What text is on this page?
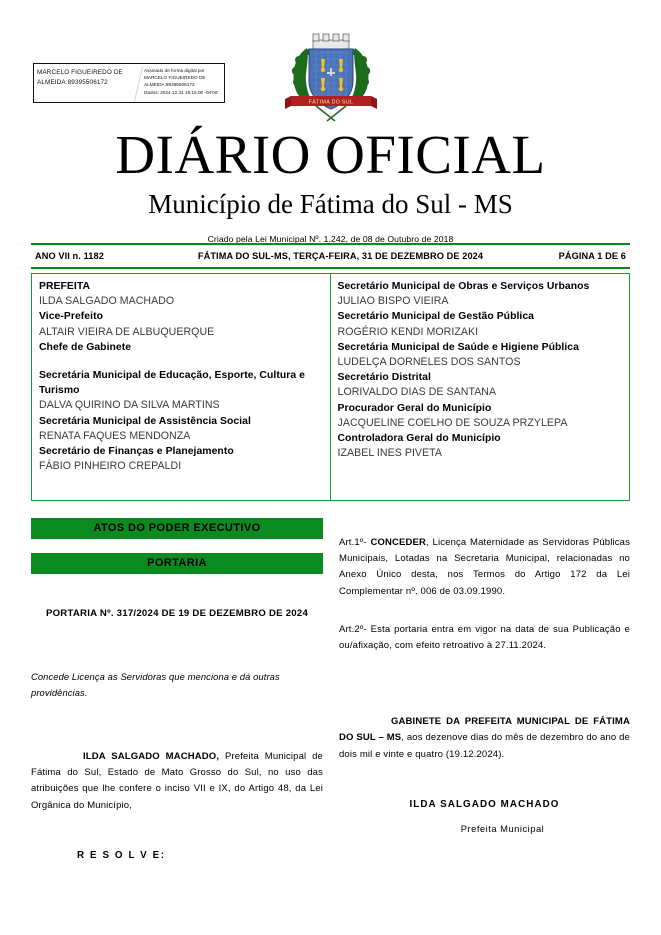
MARCELO FIGUEIREDO DE
ALMEIDA:89395506172
Assinado de forma digital por
MARCELO FIGUEIREDO DE
ALMEIDA:89395506172
Dados: 2024.12.31 19:15:00 -04'00'
FÁTIMA DO SUL
DIÁRIO OFICIAL
Município de Fátima do Sul - MS
Criado pela Lei Municipal Nº. 1.242, de 08 de Outubro de 2018
ANO VII n. 1182	FÁTIMA DO SUL-MS, TERÇA-FEIRA, 31 DE DEZEMBRO DE 2024	PÁGINA 1 DE 6
PREFEITA
ILDA SALGADO MACHADO
Vice-Prefeito
ALTAIR VIEIRA DE ALBUQUERQUE
Chefe de Gabinete
Secretária Municipal de Educação, Esporte, Cultura e Turismo
DALVA QUIRINO DA SILVA MARTINS
Secretária Municipal de Assistência Social
RENATA FAQUES MENDONZA
Secretário de Finanças e Planejamento
FÁBIO PINHEIRO CREPALDI
Secretário Municipal de Obras e Serviços Urbanos
JULIAO BISPO VIEIRA
Secretário Municipal de Gestão Pública
ROGÉRIO KENDI MORIZAKI
Secretária Municipal de Saúde e Higiene Pública
LUDELÇA DORNELES DOS SANTOS
Secretário Distrital
LORIVALDO DIAS DE SANTANA
Procurador Geral do Município
JACQUELINE COELHO DE SOUZA PRZYLEPA
Controladora Geral do Município
IZABEL INES PIVETA
ATOS DO PODER EXECUTIVO
PORTARIA
PORTARIA Nº. 317/2024 DE 19 DE DEZEMBRO DE 2024
Concede Licença as Servidoras que menciona e dá outras providências.
ILDA SALGADO MACHADO, Prefeita Municipal de Fátima do Sul, Estado de Mato Grosso do Sul, no uso das atribuições que lhe confere o inciso VII e IX, do Artigo 48, da Lei Orgânica do Município,
R E S O L V E:
Art.1º- CONCEDER, Licença Maternidade as Servidoras Públicas Municipais, Lotadas na Secretaria Municipal, relacionadas no Anexo Único desta, nos Termos do Artigo 172 da Lei Complementar nº. 006 de 03.09.1990.
Art.2º- Esta portaria entra em vigor na data de sua Publicação e ou/afixação, com efeito retroativo à 27.11.2024.
GABINETE DA PREFEITA MUNICIPAL DE FÁTIMA DO SUL – MS, aos dezenove dias do mês de dezembro do ano de dois mil e vinte e quatro (19.12.2024).
ILDA SALGADO MACHADO
Prefeita Municipal
